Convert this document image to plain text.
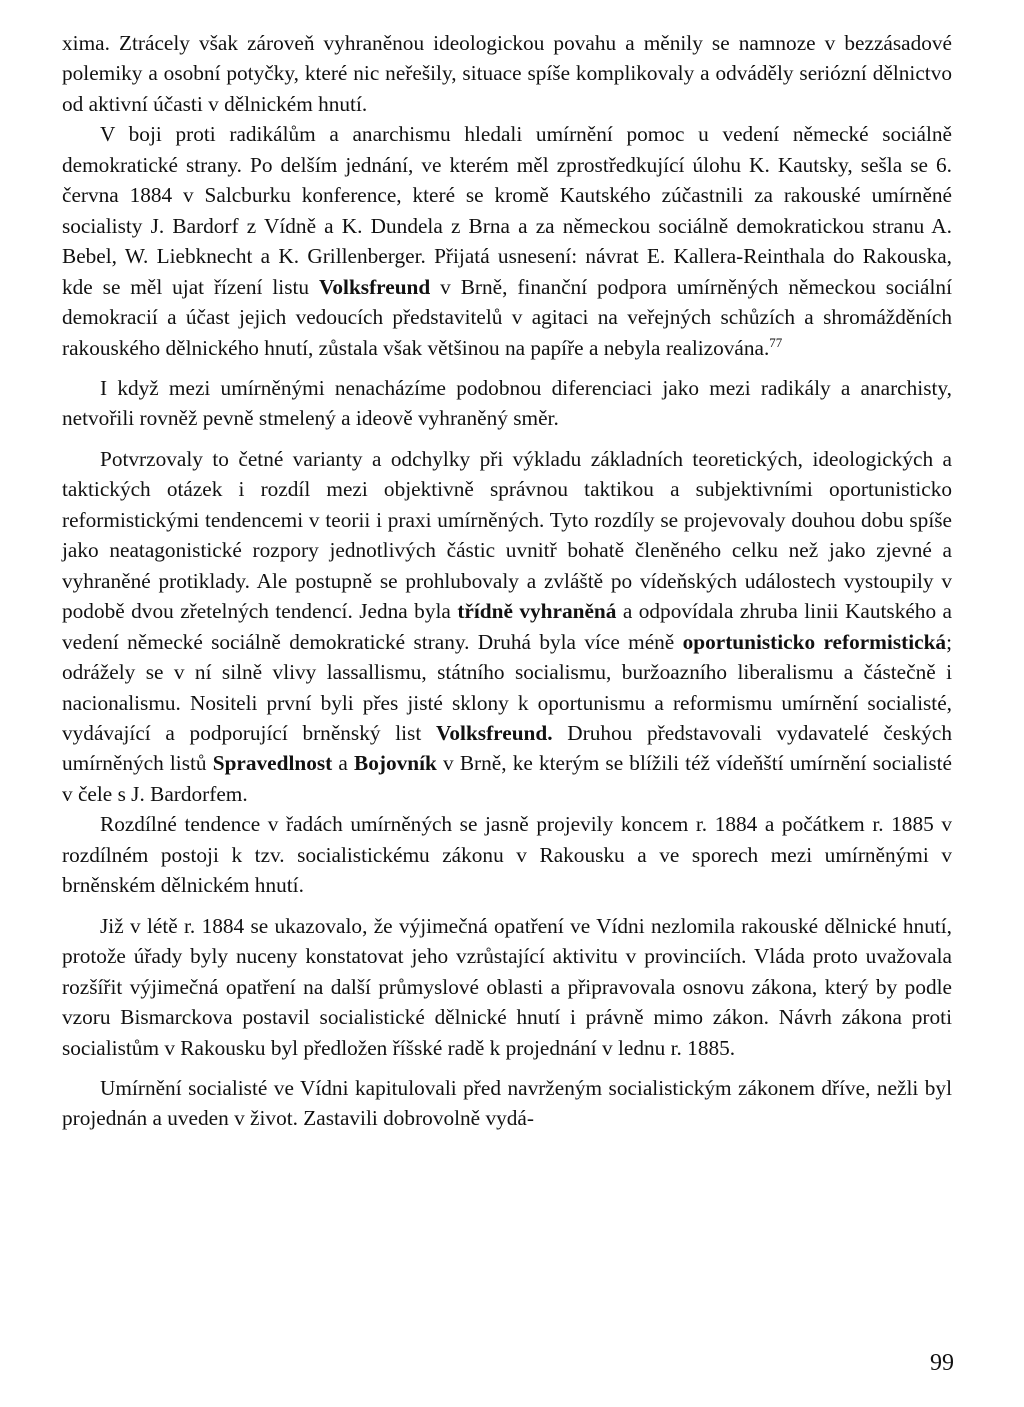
xima. Ztrácely však zároveň vyhraněnou ideologickou povahu a měnily se namnoze v bezzásadové polemiky a osobní potyčky, které nic neřešily, situace spíše komplikovaly a odváděly seriózní dělnictvo od aktivní účasti v dělnickém hnutí.

V boji proti radikálům a anarchismu hledali umírnění pomoc u vedení německé sociálně demokratické strany. Po delším jednání, ve kterém měl zprostředkující úlohu K. Kautsky, sešla se 6. června 1884 v Salcburku konference, které se kromě Kautského zúčastnili za rakouské umírněné socialisty J. Bardorf z Vídně a K. Dundela z Brna a za německou sociálně demokratickou stranu A. Bebel, W. Liebknecht a K. Grillenberger. Přijatá usnesení: návrat E. Kallera-Reinthala do Rakouska, kde se měl ujat řízení listu Volksfreund v Brně, finanční podpora umírněných německou sociální demokracií a účast jejich vedoucích představitelů v agitaci na veřejných schůzích a shromážděních rakouského dělnického hnutí, zůstala však většinou na papíře a nebyla realizována.$^{77}$

I když mezi umírněnými nenacházíme podobnou diferenciaci jako mezi radikály a anarchisty, netvořili rovněž pevně stmelený a ideově vyhraněný směr.

Potvrzovaly to četné varianty a odchylky při výkladu základních teoretických, ideologických a taktických otázek i rozdíl mezi objektivně správnou taktikou a subjektivními oportunisticko reformistickými tendencemi v teorii i praxi umírněných. Tyto rozdíly se projevovaly douhou dobu spíše jako neatagonistické rozpory jednotlivých částic uvnitř bohatě členěného celku než jako zjevné a vyhraněné protiklady. Ale postupně se prohlubovaly a zvláště po vídeňských událostech vystoupily v podobě dvou zřetelných tendencí. Jedna byla třídně vyhraněná a odpovídala zhruba linii Kautského a vedení německé sociálně demokratické strany. Druhá byla více méně oportunisticko reformistická; odrážely se v ní silně vlivy lassallismu, státního socialismu, buržoazního liberalismu a částečně i nacionalismu. Nositeli první byli přes jisté sklony k oportunismu a reformismu umírnění socialisté, vydávající a podporující brněnský list Volksfreund. Druhou představovali vydavatelé českých umírněných listů Spravedlnost a Bojovník v Brně, ke kterým se blížili též vídeňští umírnění socialisté v čele s J. Bardorfem.

Rozdílné tendence v řadách umírněných se jasně projevily koncem r. 1884 a počátkem r. 1885 v rozdílném postoji k tzv. socialistickému zákonu v Rakousku a ve sporech mezi umírněnými v brněnském dělnickém hnutí.

Již v létě r. 1884 se ukazovalo, že výjimečná opatření ve Vídni nezlomila rakouské dělnické hnutí, protože úřady byly nuceny konstatovat jeho vzrůstající aktivitu v provinciích. Vláda proto uvažovala rozšířit výjimečná opatření na další průmyslové oblasti a připravovala osnovu zákona, který by podle vzoru Bismarckova postavil socialistické dělnické hnutí i právně mimo zákon. Návrh zákona proti socialistům v Rakousku byl předložen říšské radě k projednání v lednu r. 1885.

Umírnění socialisté ve Vídni kapitulovali před navrženým socialistickým zákonem dříve, nežli byl projednán a uveden v život. Zastavili dobrovolně vydá-

99
